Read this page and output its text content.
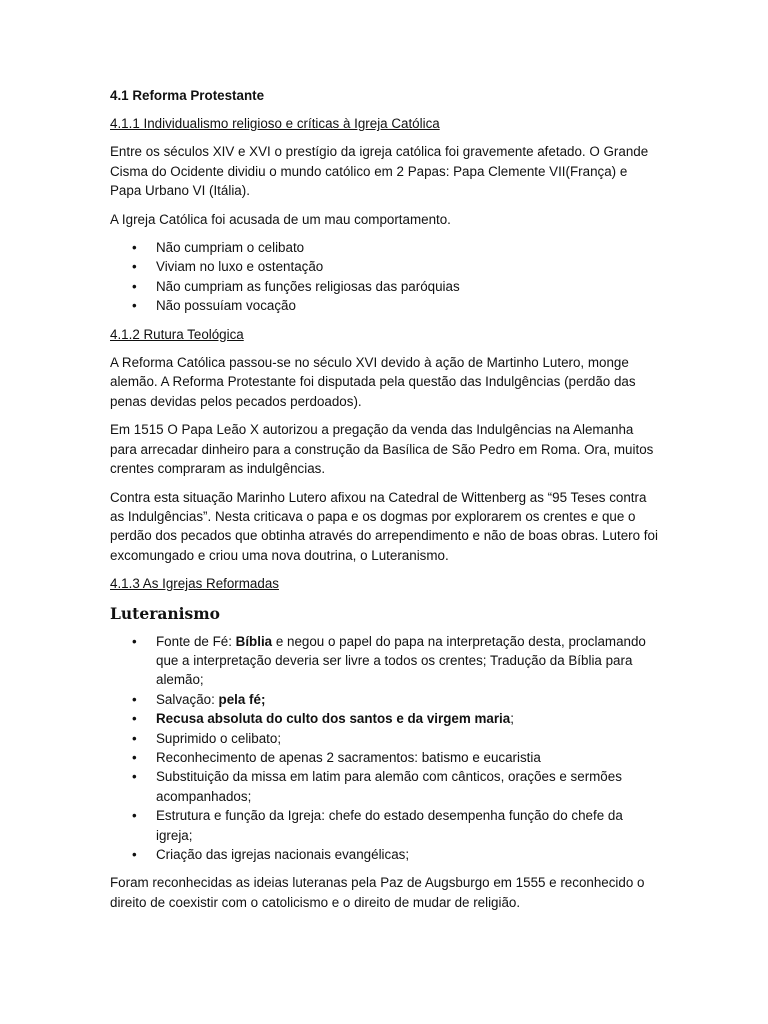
4.1 Reforma Protestante
4.1.1 Individualismo religioso e críticas à Igreja Católica

Entre os séculos XIV e XVI o prestígio da igreja católica foi gravemente afetado. O Grande Cisma do Ocidente dividiu o mundo católico em 2 Papas: Papa Clemente VII(França) e Papa Urbano VI (Itália).

A Igreja Católica foi acusada de um mau comportamento.

• Não cumpriam o celibato
• Viviam no luxo e ostentação
• Não cumpriam as funções religiosas das paróquias
• Não possuíam vocação
4.1.2 Rutura Teológica

A Reforma Católica passou-se no século XVI devido à ação de Martinho Lutero, monge alemão. A Reforma Protestante foi disputada pela questão das Indulgências (perdão das penas devidas pelos pecados perdoados).

Em 1515 O Papa Leão X autorizou a pregação da venda das Indulgências na Alemanha para arrecadar dinheiro para a construção da Basílica de São Pedro em Roma. Ora, muitos crentes compraram as indulgências.

Contra esta situação Marinho Lutero afixou na Catedral de Wittenberg as “95 Teses contra as Indulgências”. Nesta criticava o papa e os dogmas por explorarem os crentes e que o perdão dos pecados que obtinha através do arrependimento e não de boas obras. Lutero foi excomungado e criou uma nova doutrina, o Luteranismo.

4.1.3 As Igrejas Reformadas
Luteranismo
• Fonte de Fé: Bíblia e negou o papel do papa na interpretação desta, proclamando que a interpretação deveria ser livre a todos os crentes; Tradução da Bíblia para alemão;
• Salvação: pela fé;
• Recusa absoluta do culto dos santos e da virgem maria;
• Suprimido o celibato;
• Reconhecimento de apenas 2 sacramentos: batismo e eucaristia
• Substituição da missa em latim para alemão com cânticos, orações e sermões acompanhados;
• Estrutura e função da Igreja: chefe do estado desempenha função do chefe da igreja;
• Criação das igrejas nacionais evangélicas;

Foram reconhecidas as ideias luteranas pela Paz de Augsburgo em 1555 e reconhecido o direito de coexistir com o catolicismo e o direito de mudar de religião.
